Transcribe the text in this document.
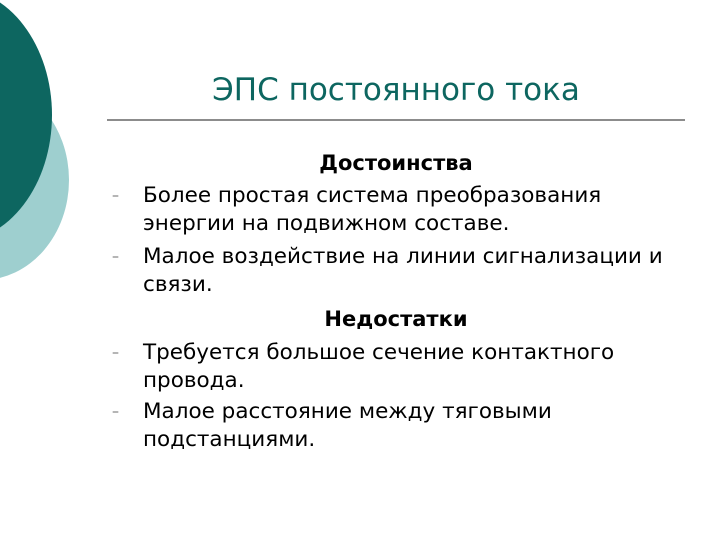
ЭПС постоянного тока
Достоинства
–	Более простая система преобразования энергии на подвижном составе.
–	Малое воздействие на линии сигнализации и связи.
Недостатки
–	Требуется большое сечение контактного провода.
–	Малое расстояние между тяговыми подстанциями.
